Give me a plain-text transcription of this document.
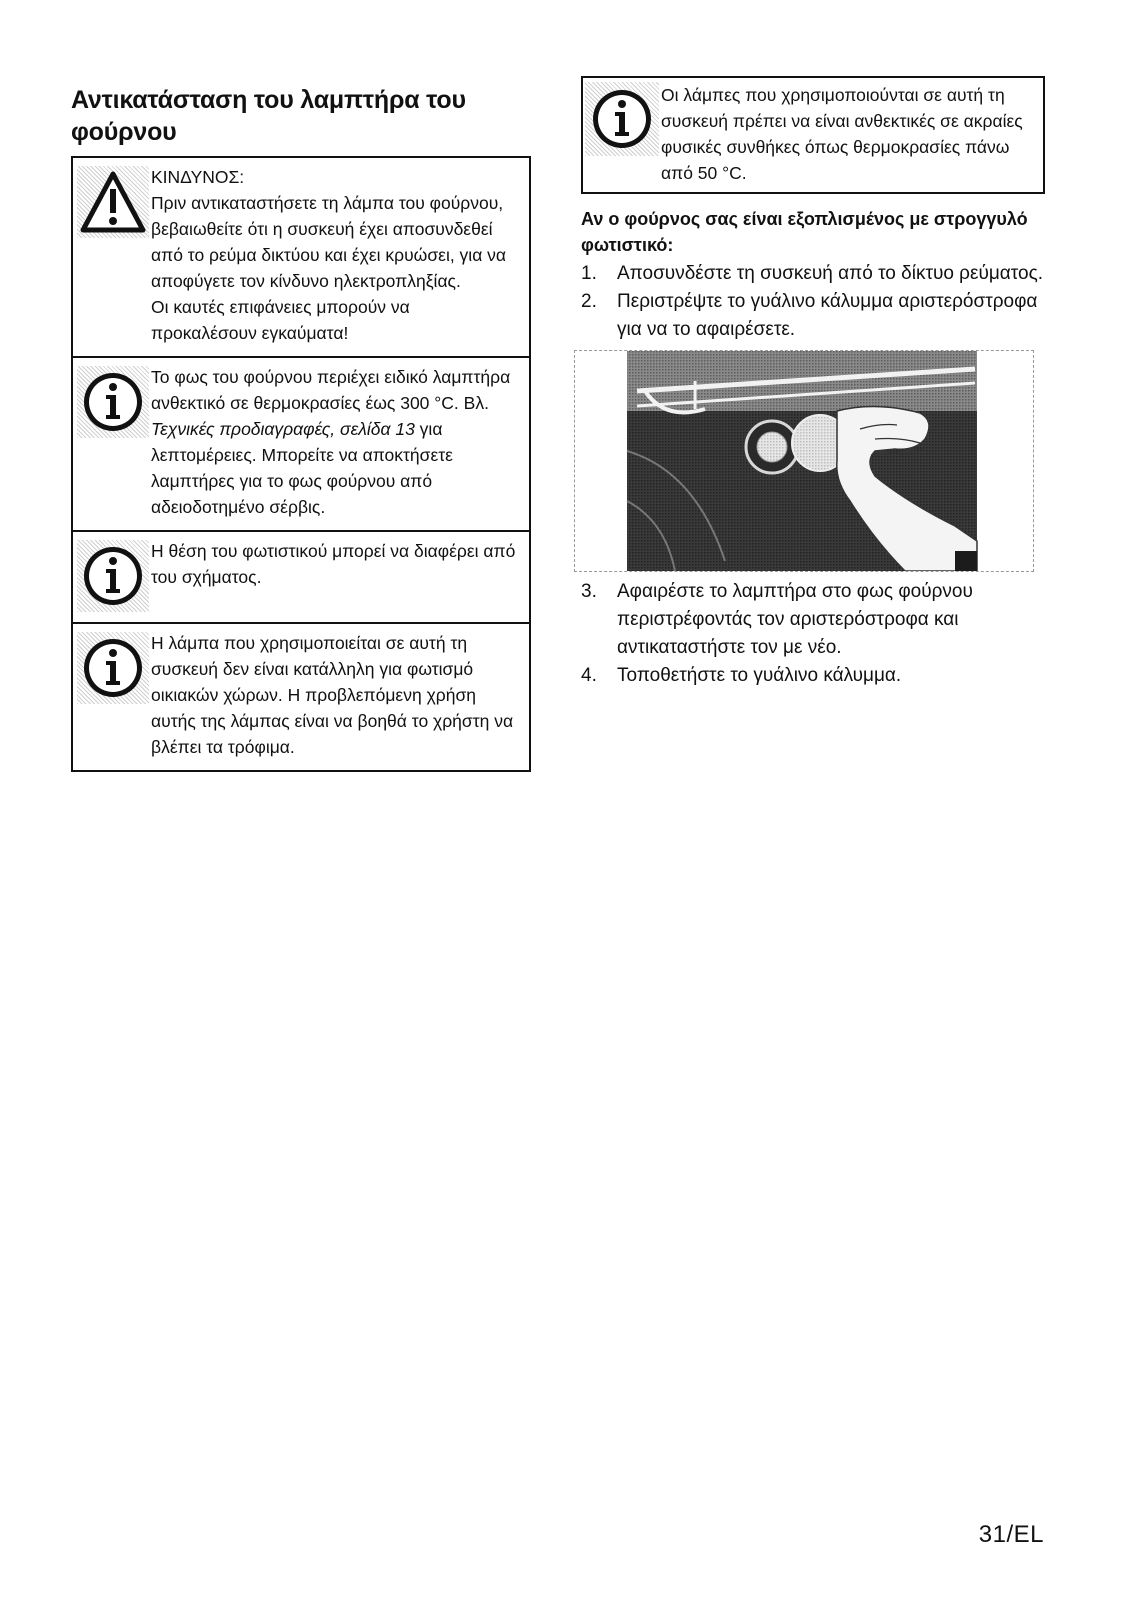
Αντικατάσταση του λαμπτήρα του φούρνου

ΚΙΝΔΥΝΟΣ:

Πριν αντικαταστήσετε τη λάμπα του φούρνου, βεβαιωθείτε ότι η συσκευή έχει αποσυνδεθεί από το ρεύμα δικτύου και έχει κρυώσει, για να αποφύγετε τον κίνδυνο ηλεκτροπληξίας.

Οι καυτές επιφάνειες μπορούν να προκαλέσουν εγκαύματα!

Το φως του φούρνου περιέχει ειδικό λαμπτήρα ανθεκτικό σε θερμοκρασίες έως 300 °C. Βλ. Τεχνικές προδιαγραφές, σελίδα 13 για λεπτομέρειες. Μπορείτε να αποκτήσετε λαμπτήρες για το φως φούρνου από αδειοδοτημένο σέρβις.

Η θέση του φωτιστικού μπορεί να διαφέρει από του σχήματος.

Η λάμπα που χρησιμοποιείται σε αυτή τη συσκευή δεν είναι κατάλληλη για φωτισμό οικιακών χώρων. Η προβλεπόμενη χρήση αυτής της λάμπας είναι να βοηθά το χρήστη να βλέπει τα τρόφιμα.

Οι λάμπες που χρησιμοποιούνται σε αυτή τη συσκευή πρέπει να είναι ανθεκτικές σε ακραίες φυσικές συνθήκες όπως θερμοκρασίες πάνω από 50 °C.
Αν ο φούρνος σας είναι εξοπλισμένος με στρογγυλό φωτιστικό:
1.	Αποσυνδέστε τη συσκευή από το δίκτυο ρεύματος.
2.	Περιστρέψτε το γυάλινο κάλυμμα αριστερόστροφα για να το αφαιρέσετε.
3.	Αφαιρέστε το λαμπτήρα στο φως φούρνου περιστρέφοντάς τον αριστερόστροφα και αντικαταστήστε τον με νέο.
4.	Τοποθετήστε το γυάλινο κάλυμμα.
31/EL
